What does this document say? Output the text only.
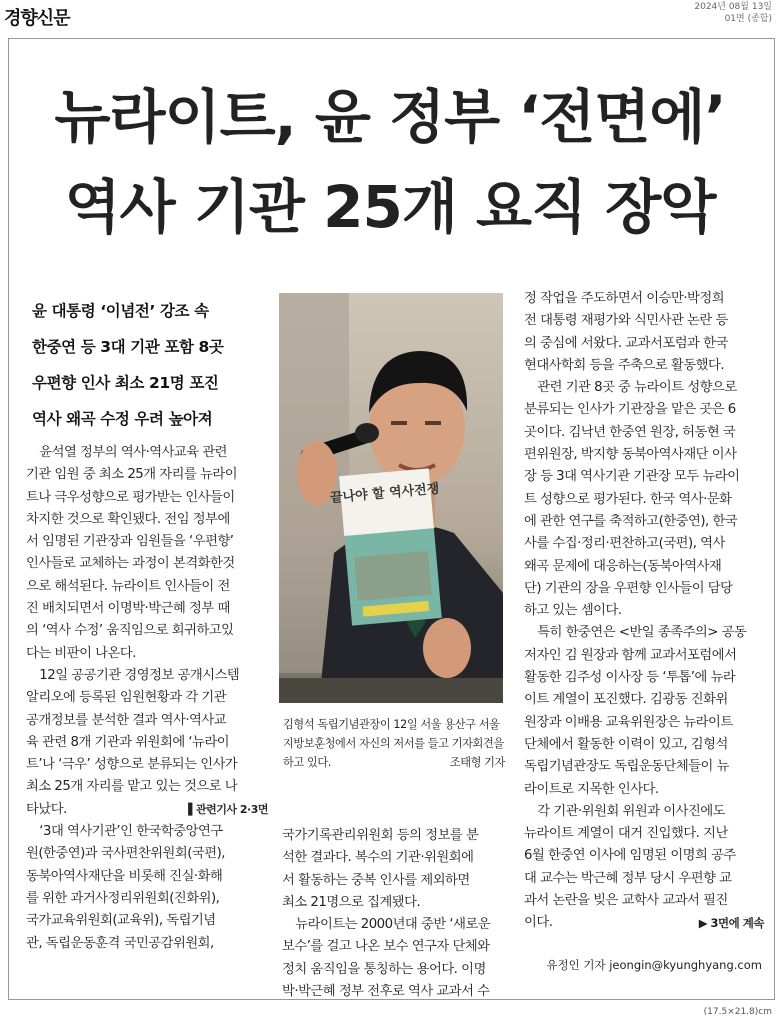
경향신문
2024년 08월 13일
01면 (종합)
뉴라이트, 윤 정부 ‘전면에’
역사 기관 25개 요직 장악
윤 대통령 ‘이념전’ 강조 속
한중연 등 3대 기관 포함 8곳
우편향 인사 최소 21명 포진
역사 왜곡 수정 우려 높아져
윤석열 정부의 역사·역사교육 관련
기관 임원 중 최소 25개 자리를 뉴라이
트나 극우성향으로 평가받는 인사들이
차지한 것으로 확인됐다. 전임 정부에
서 임명된 기관장과 임원들을 ‘우편향’
인사들로 교체하는 과정이 본격화한것
으로 해석된다. 뉴라이트 인사들이 전
진 배치되면서 이명박·박근혜 정부 때
의 ‘역사 수정’ 움직임으로 회귀하고있
다는 비판이 나온다.
12일 공공기관 경영정보 공개시스템
알리오에 등록된 임원현황과 각 기관
공개정보를 분석한 결과 역사·역사교
육 관련 8개 기관과 위원회에 ‘뉴라이
트’나 ‘극우’ 성향으로 분류되는 인사가
최소 25개 자리를 맡고 있는 것으로 나
타났다.	▌관련기사 2·3면
‘3대 역사기관’인 한국학중앙연구
원(한중연)과 국사편찬위원회(국편),
동북아역사재단을 비롯해 진실·화해
를 위한 과거사정리위원회(진화위),
국가교육위원회(교육위), 독립기념
관, 독립운동훈격 국민공감위원회,
끝나야 할 역사전쟁
김형석 독립기념관장이 12일 서울 용산구 서울지방보훈청에서 자신의 저서를 들고 기자회견을 하고 있다.	조태형 기자
국가기록관리위원회 등의 정보를 분
석한 결과다. 복수의 기관·위원회에
서 활동하는 중복 인사를 제외하면
최소 21명으로 집계됐다.
뉴라이트는 2000년대 중반 ‘새로운
보수’를 걸고 나온 보수 연구자 단체와
정치 움직임을 통칭하는 용어다. 이명
박·박근혜 정부 전후로 역사 교과서 수
정 작업을 주도하면서 이승만·박정희
전 대통령 재평가와 식민사관 논란 등
의 중심에 서왔다. 교과서포럼과 한국
현대사학회 등을 주축으로 활동했다.
관련 기관 8곳 중 뉴라이트 성향으로
분류되는 인사가 기관장을 맡은 곳은 6
곳이다. 김낙년 한중연 원장, 허동현 국
편위원장, 박지향 동북아역사재단 이사
장 등 3대 역사기관 기관장 모두 뉴라이
트 성향으로 평가된다. 한국 역사·문화
에 관한 연구를 축적하고(한중연), 한국
사를 수집·정리·편찬하고(국편), 역사
왜곡 문제에 대응하는(동북아역사재
단) 기관의 장을 우편향 인사들이 담당
하고 있는 셈이다.
특히 한중연은 <반일 종족주의> 공동
저자인 김 원장과 함께 교과서포럼에서
활동한 김주성 이사장 등 ‘투톱’에 뉴라
이트 계열이 포진했다. 김광동 진화위
원장과 이배용 교육위원장은 뉴라이트
단체에서 활동한 이력이 있고, 김형석
독립기념관장도 독립운동단체들이 뉴
라이트로 지목한 인사다.
각 기관·위원회 위원과 이사진에도
뉴라이트 계열이 대거 진입했다. 지난
6월 한중연 이사에 임명된 이명희 공주
대 교수는 박근혜 정부 당시 우편향 교
과서 논란을 빚은 교학사 교과서 필진
이다.	▶ 3면에 계속
유정인 기자 jeongin@kyunghyang.com
(17.5×21.8)cm
